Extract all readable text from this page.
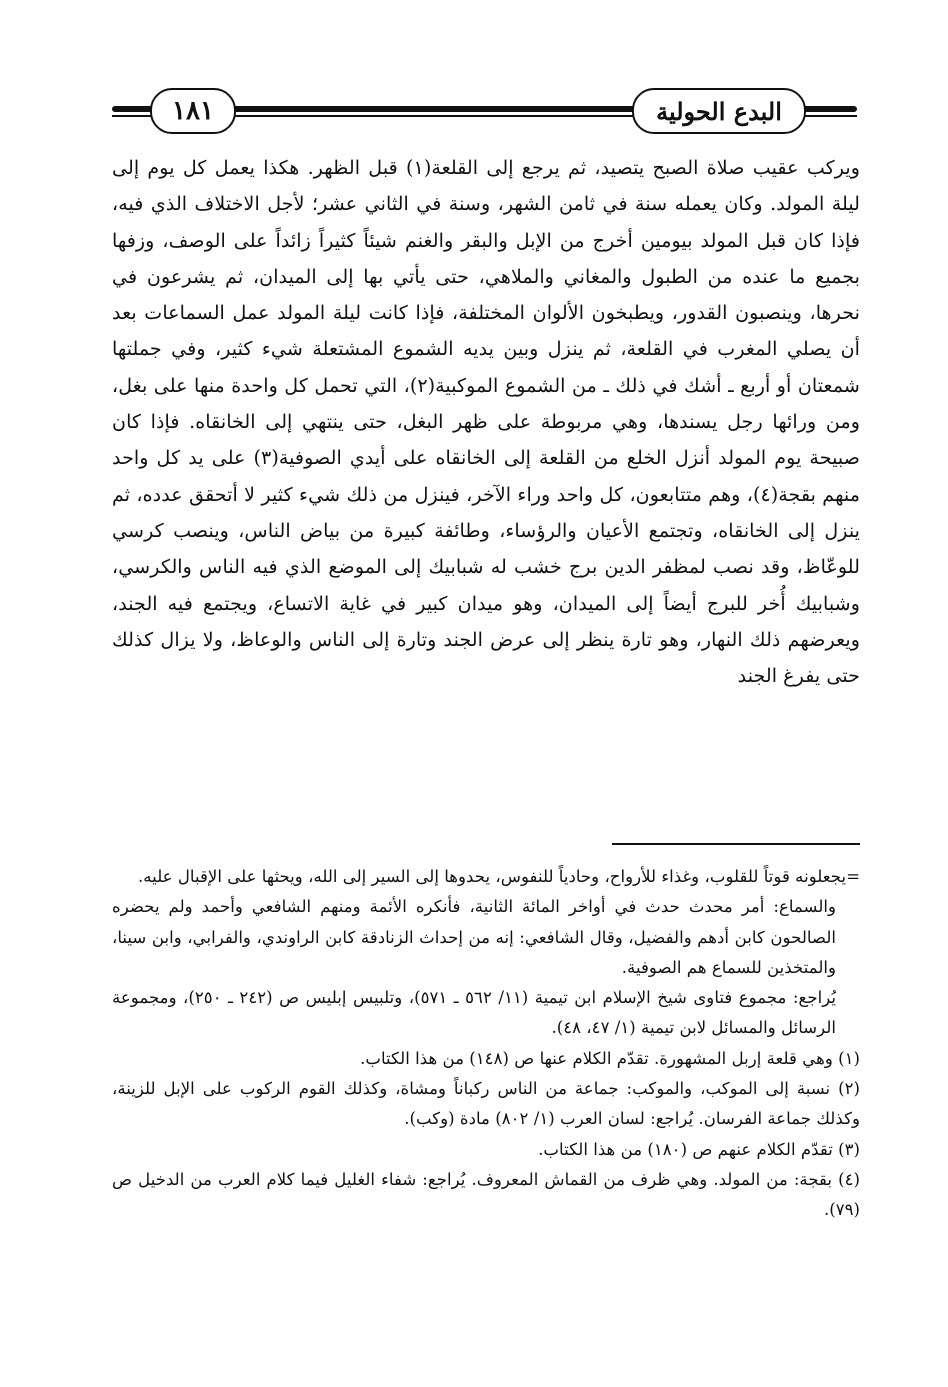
١٨١	البدع الحولية

ويركب عقيب صلاة الصبح يتصيد، ثم يرجع إلى القلعة(١) قبل الظهر. هكذا يعمل كل يوم إلى ليلة المولد. وكان يعمله سنة في ثامن الشهر، وسنة في الثاني عشر؛ لأجل الاختلاف الذي فيه، فإذا كان قبل المولد بيومين أخرج من الإبل والبقر والغنم شيئاً كثيراً زائداً على الوصف، وزفها بجميع ما عنده من الطبول والمغاني والملاهي، حتى يأتي بها إلى الميدان، ثم يشرعون في نحرها، وينصبون القدور، ويطبخون الألوان المختلفة، فإذا كانت ليلة المولد عمل السماعات بعد أن يصلي المغرب في القلعة، ثم ينزل وبين يديه الشموع المشتعلة شيء كثير، وفي جملتها شمعتان أو أربع ـ أشك في ذلك ـ من الشموع الموكبية(٢)، التي تحمل كل واحدة منها على بغل، ومن ورائها رجل يسندها، وهي مربوطة على ظهر البغل، حتى ينتهي إلى الخانقاه. فإذا كان صبيحة يوم المولد أنزل الخلع من القلعة إلى الخانقاه على أيدي الصوفية(٣) على يد كل واحد منهم بقجة(٤)، وهم متتابعون، كل واحد وراء الآخر، فينزل من ذلك شيء كثير لا أتحقق عدده، ثم ينزل إلى الخانقاه، وتجتمع الأعيان والرؤساء، وطائفة كبيرة من بياض الناس، وينصب كرسي للوعّاظ، وقد نصب لمظفر الدين برج خشب له شبابيك إلى الموضع الذي فيه الناس والكرسي، وشبابيك أُخر للبرج أيضاً إلى الميدان، وهو ميدان كبير في غاية الاتساع، ويجتمع فيه الجند، ويعرضهم ذلك النهار، وهو تارة ينظر إلى عرض الجند وتارة إلى الناس والوعاظ، ولا يزال كذلك حتى يفرغ الجند

=يجعلونه قوتاً للقلوب، وغذاء للأرواح، وحادياً للنفوس، يحدوها إلى السير إلى الله، ويحثها على الإقبال عليه.

والسماع: أمر محدث حدث في أواخر المائة الثانية، فأنكره الأئمة ومنهم الشافعي وأحمد ولم يحضره الصالحون كابن أدهم والفضيل، وقال الشافعي: إنه من إحداث الزنادقة كابن الراوندي، والفرابي، وابن سينا، والمتخذين للسماع هم الصوفية.

يُراجع: مجموع فتاوى شيخ الإسلام ابن تيمية (١١/ ٥٦٢ ـ ٥٧١)، وتلبيس إبليس ص (٢٤٢ ـ ٢٥٠)، ومجموعة الرسائل والمسائل لابن تيمية (١/ ٤٧، ٤٨).

(١) وهي قلعة إربل المشهورة. تقدّم الكلام عنها ص (١٤٨) من هذا الكتاب.

(٢) نسبة إلى الموكب، والموكب: جماعة من الناس ركباناً ومشاة، وكذلك القوم الركوب على الإبل للزينة، وكذلك جماعة الفرسان. يُراجع: لسان العرب (١/ ٨٠٢) مادة (وكب).

(٣) تقدّم الكلام عنهم ص (١٨٠) من هذا الكتاب.

(٤) بقجة: من المولد. وهي ظرف من القماش المعروف. يُراجع: شفاء الغليل فيما كلام العرب من الدخيل ص (٧٩).
